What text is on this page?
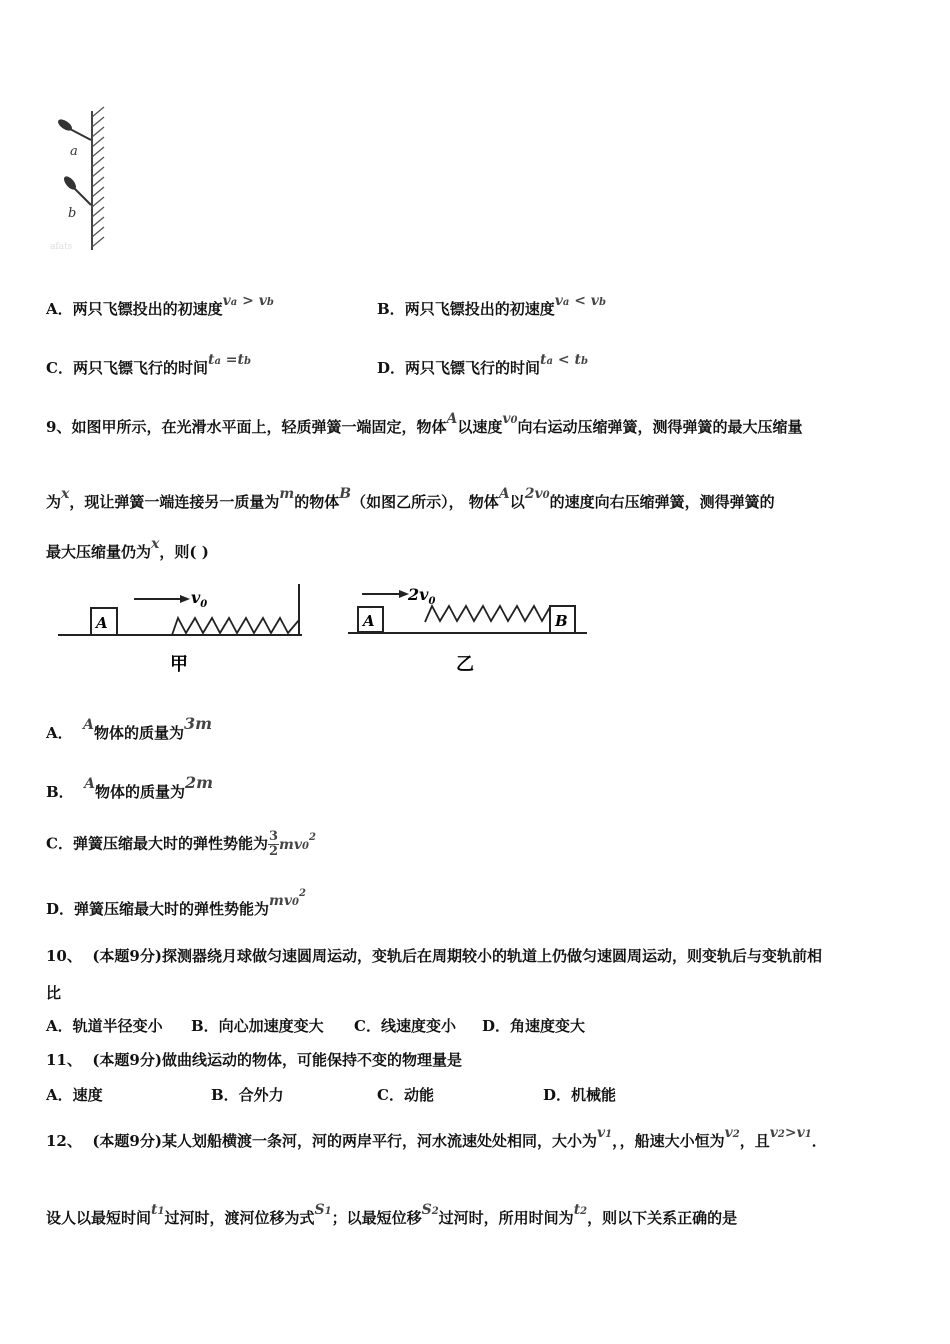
a
b
afats
A．两只飞镖投出的初速度va > vb	B．两只飞镖投出的初速度va < vb
C．两只飞镖飞行的时间ta =tb	D．两只飞镖飞行的时间ta < tb
9、如图甲所示，在光滑水平面上，轻质弹簧一端固定，物体A以速度v0向右运动压缩弹簧，测得弹簧的最大压缩量
为x，现让弹簧一端连接另一质量为m的物体B（如图乙所示）， 物体A以2v0的速度向右压缩弹簧，测得弹簧的
最大压缩量仍为x，则( )
A
$v_0$
甲
A
$2v_0$
B
乙
A． A物体的质量为3m
B． A物体的质量为2m
C．弹簧压缩最大时的弹性势能为 $\frac{3}{2} mv0^2$
D．弹簧压缩最大时的弹性势能为$mv0^2$
10、 (本题9分)探测器绕月球做匀速圆周运动，变轨后在周期较小的轨道上仍做匀速圆周运动，则变轨后与变轨前相
比
A．轨道半径变小 B．向心加速度变大 C．线速度变小 D．角速度变大
11、 (本题9分)做曲线运动的物体，可能保持不变的物理量是
A．速度	B．合外力	C．动能	D．机械能
12、 (本题9分)某人划船横渡一条河，河的两岸平行，河水流速处处相同，大小为v1，，船速大小恒为v2，且v2>v1．
设人以最短时间t1过河时，渡河位移为式S1；以最短位移S2过河时，所用时间为t2，则以下关系正确的是
